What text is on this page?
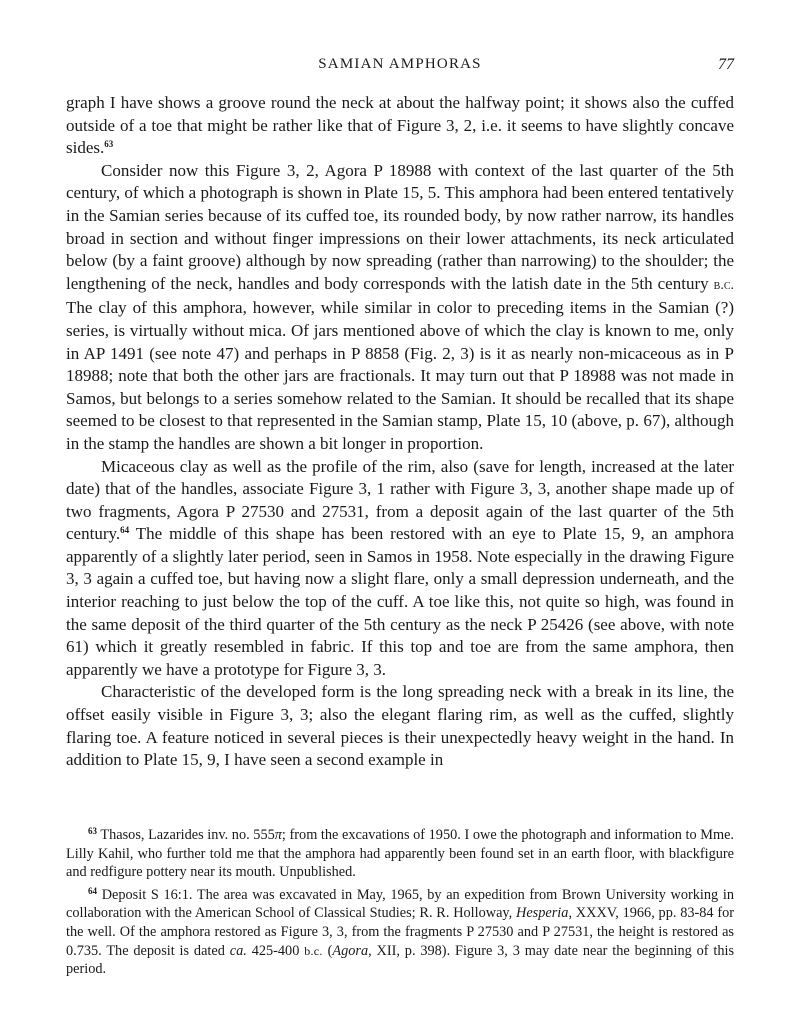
SAMIAN AMPHORAS	77

graph I have shows a groove round the neck at about the halfway point; it shows also the cuffed outside of a toe that might be rather like that of Figure 3, 2, i.e. it seems to have slightly concave sides.$^{63}$

Consider now this Figure 3, 2, Agora P 18988 with context of the last quarter of the 5th century, of which a photograph is shown in Plate 15, 5. This amphora had been entered tentatively in the Samian series because of its cuffed toe, its rounded body, by now rather narrow, its handles broad in section and without finger impressions on their lower attachments, its neck articulated below (by a faint groove) although by now spreading (rather than narrowing) to the shoulder; the lengthening of the neck, handles and body corresponds with the latish date in the 5th century b.c. The clay of this amphora, however, while similar in color to preceding items in the Samian (?) series, is virtually without mica. Of jars mentioned above of which the clay is known to me, only in AP 1491 (see note 47) and perhaps in P 8858 (Fig. 2, 3) is it as nearly non-micaceous as in P 18988; note that both the other jars are fractionals. It may turn out that P 18988 was not made in Samos, but belongs to a series somehow related to the Samian. It should be recalled that its shape seemed to be closest to that represented in the Samian stamp, Plate 15, 10 (above, p. 67), although in the stamp the handles are shown a bit longer in proportion.

Micaceous clay as well as the profile of the rim, also (save for length, increased at the later date) that of the handles, associate Figure 3, 1 rather with Figure 3, 3, another shape made up of two fragments, Agora P 27530 and 27531, from a deposit again of the last quarter of the 5th century.$^{64}$ The middle of this shape has been restored with an eye to Plate 15, 9, an amphora apparently of a slightly later period, seen in Samos in 1958. Note especially in the drawing Figure 3, 3 again a cuffed toe, but having now a slight flare, only a small depression underneath, and the interior reaching to just below the top of the cuff. A toe like this, not quite so high, was found in the same deposit of the third quarter of the 5th century as the neck P 25426 (see above, with note 61) which it greatly resembled in fabric. If this top and toe are from the same amphora, then apparently we have a prototype for Figure 3, 3.

Characteristic of the developed form is the long spreading neck with a break in its line, the offset easily visible in Figure 3, 3; also the elegant flaring rim, as well as the cuffed, slightly flaring toe. A feature noticed in several pieces is their unexpectedly heavy weight in the hand. In addition to Plate 15, 9, I have seen a second example in

$^{63}$ Thasos, Lazarides inv. no. 555π; from the excavations of 1950. I owe the photograph and information to Mme. Lilly Kahil, who further told me that the amphora had apparently been found set in an earth floor, with blackfigure and redfigure pottery near its mouth. Unpublished.

$^{64}$ Deposit S 16:1. The area was excavated in May, 1965, by an expedition from Brown University working in collaboration with the American School of Classical Studies; R. R. Holloway, Hesperia, XXXV, 1966, pp. 83-84 for the well. Of the amphora restored as Figure 3, 3, from the fragments P 27530 and P 27531, the height is restored as 0.735. The deposit is dated ca. 425-400 b.c. (Agora, XII, p. 398). Figure 3, 3 may date near the beginning of this period.
